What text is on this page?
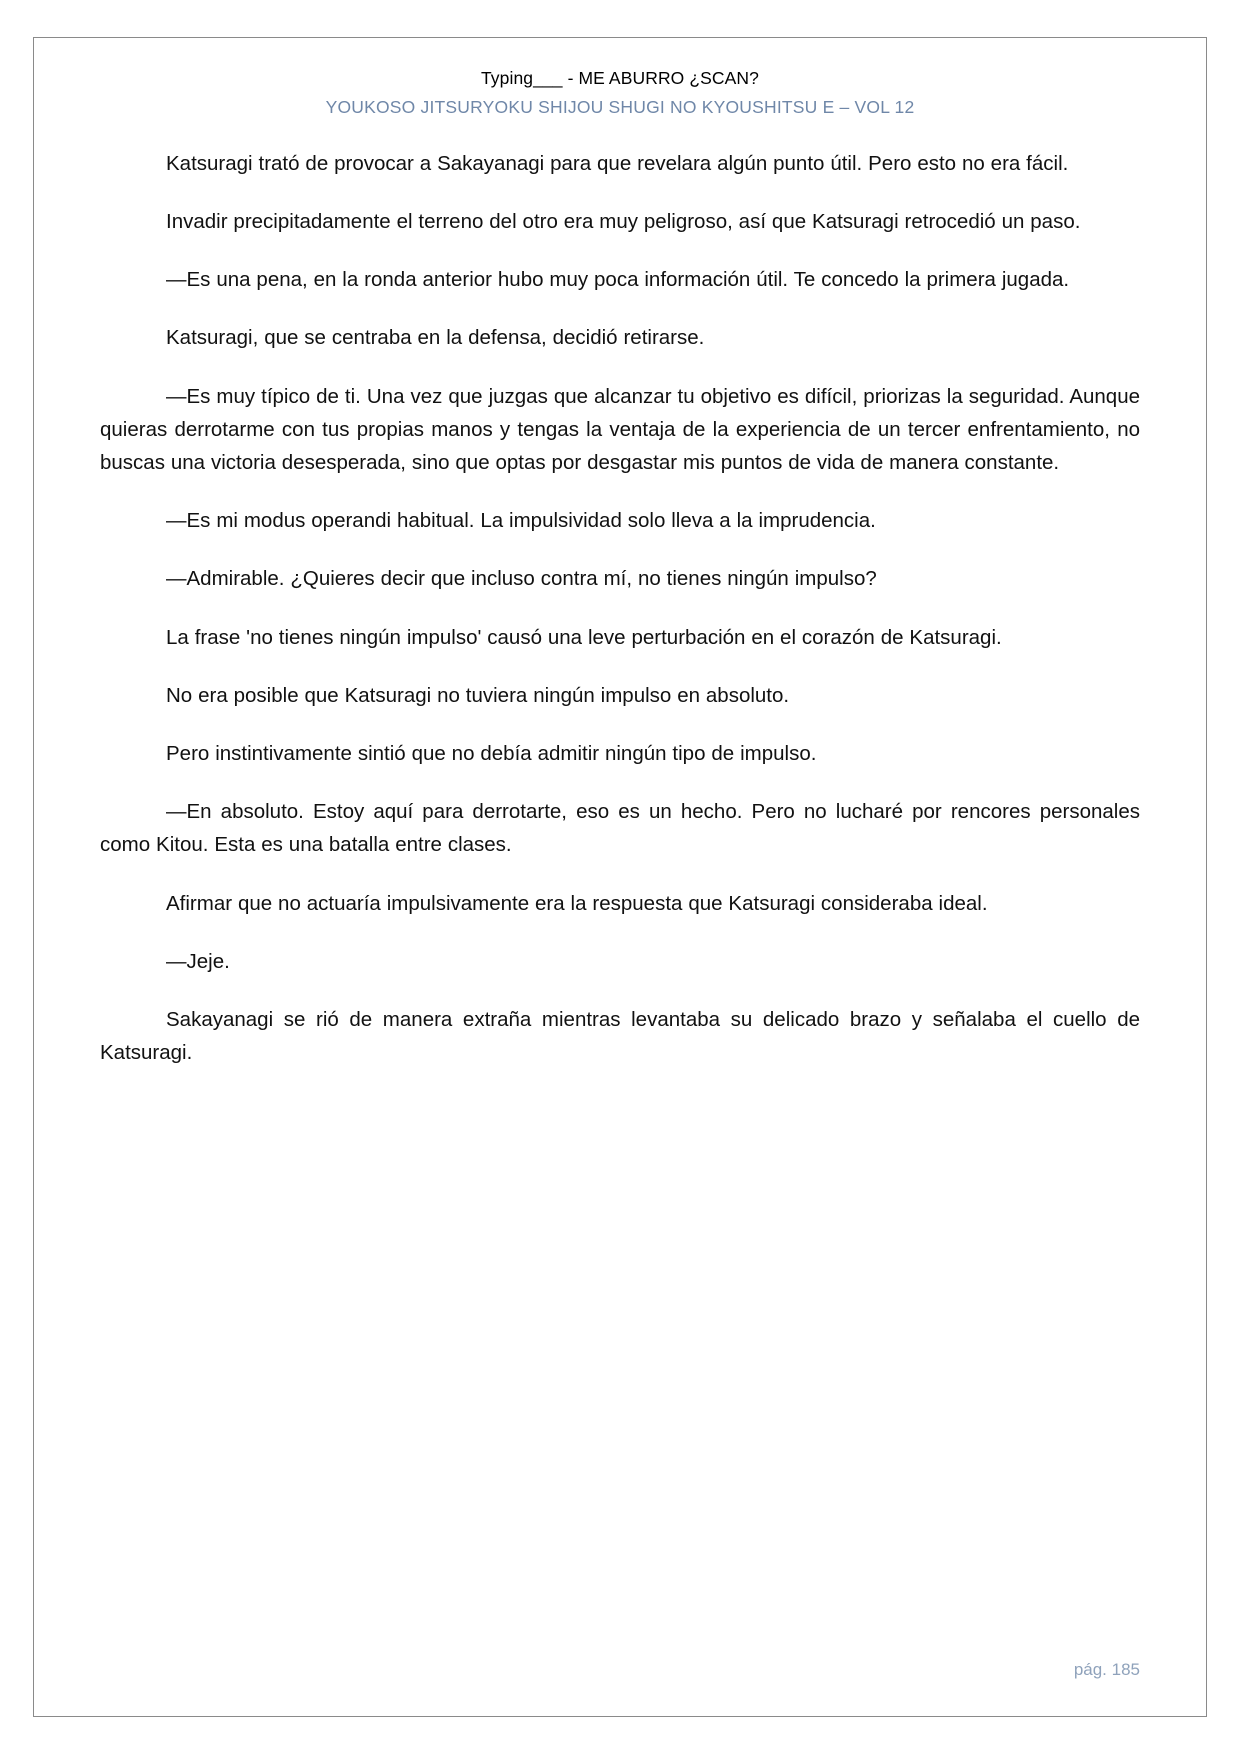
Typing___ - ME ABURRO ¿SCAN?
YOUKOSO JITSURYOKU SHIJOU SHUGI NO KYOUSHITSU E – VOL 12

Katsuragi trató de provocar a Sakayanagi para que revelara algún punto útil. Pero esto no era fácil.

Invadir precipitadamente el terreno del otro era muy peligroso, así que Katsuragi retrocedió un paso.

—Es una pena, en la ronda anterior hubo muy poca información útil. Te concedo la primera jugada.

Katsuragi, que se centraba en la defensa, decidió retirarse.

—Es muy típico de ti. Una vez que juzgas que alcanzar tu objetivo es difícil, priorizas la seguridad. Aunque quieras derrotarme con tus propias manos y tengas la ventaja de la experiencia de un tercer enfrentamiento, no buscas una victoria desesperada, sino que optas por desgastar mis puntos de vida de manera constante.

—Es mi modus operandi habitual. La impulsividad solo lleva a la imprudencia.

—Admirable. ¿Quieres decir que incluso contra mí, no tienes ningún impulso?

La frase 'no tienes ningún impulso' causó una leve perturbación en el corazón de Katsuragi.

No era posible que Katsuragi no tuviera ningún impulso en absoluto.

Pero instintivamente sintió que no debía admitir ningún tipo de impulso.

—En absoluto. Estoy aquí para derrotarte, eso es un hecho. Pero no lucharé por rencores personales como Kitou. Esta es una batalla entre clases.

Afirmar que no actuaría impulsivamente era la respuesta que Katsuragi consideraba ideal.

—Jeje.

Sakayanagi se rió de manera extraña mientras levantaba su delicado brazo y señalaba el cuello de Katsuragi.

pág. 185
